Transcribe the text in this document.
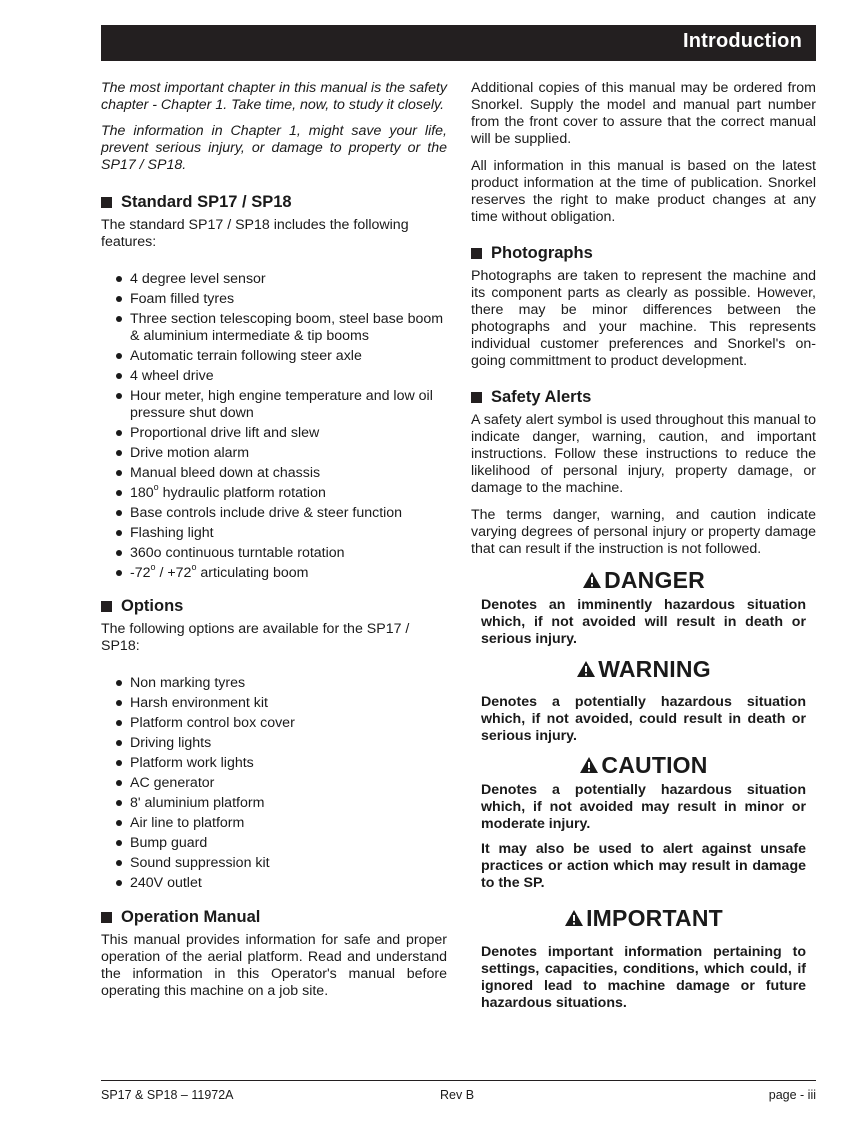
Introduction

The most important chapter in this manual is the safety chapter - Chapter 1. Take time, now, to study it closely.

The information in Chapter 1, might save your life, prevent serious injury, or damage to property or the SP17 / SP18.

Standard SP17 / SP18

The standard SP17 / SP18 includes the following features:

4 degree level sensor
Foam filled tyres
Three section telescoping boom, steel base boom & aluminium intermediate & tip booms
Automatic terrain following steer axle
4 wheel drive
Hour meter, high engine temperature and low oil pressure shut down
Proportional drive lift and slew
Drive motion alarm
Manual bleed down at chassis
180$^o$ hydraulic platform rotation
Base controls include drive & steer function
Flashing light
360o continuous turntable rotation
$-72^o / +72^o$ articulating boom
Options

The following options are available for the SP17 / SP18:

Non marking tyres
Harsh environment kit
Platform control box cover
Driving lights
Platform work lights
AC generator
8' aluminium platform
Air line to platform
Bump guard
Sound suppression kit
240V outlet
Operation Manual

This manual provides information for safe and proper operation of the aerial platform. Read and understand the information in this Operator's manual before operating this machine on a job site.

Additional copies of this manual may be ordered from Snorkel. Supply the model and manual part number from the front cover to assure that the correct manual will be supplied.

All information in this manual is based on the latest product information at the time of publication. Snorkel reserves the right to make product changes at any time without obligation.

Photographs

Photographs are taken to represent the machine and its component parts as clearly as possible. However, there may be minor differences between the photographs and your machine. This represents individual customer preferences and Snorkel's on-going committment to product development.

Safety Alerts

A safety alert symbol is used throughout this manual to indicate danger, warning, caution, and important instructions. Follow these instructions to reduce the likelihood of personal injury, property damage, or damage to the machine.

The terms danger, warning, and caution indicate varying degrees of personal injury or property damage that can result if the instruction is not followed.

DANGER

Denotes an imminently hazardous situation which, if not avoided will result in death or serious injury.

WARNING

Denotes a potentially hazardous situation which, if not avoided, could result in death or serious injury.

CAUTION

Denotes a potentially hazardous situation which, if not avoided may result in minor or moderate injury.

It may also be used to alert against unsafe practices or action which may result in damage to the SP.

IMPORTANT

Denotes important information pertaining to settings, capacities, conditions, which could, if ignored lead to machine damage or future hazardous situations.

SP17 & SP18 – 11972A	Rev B	page - iii
